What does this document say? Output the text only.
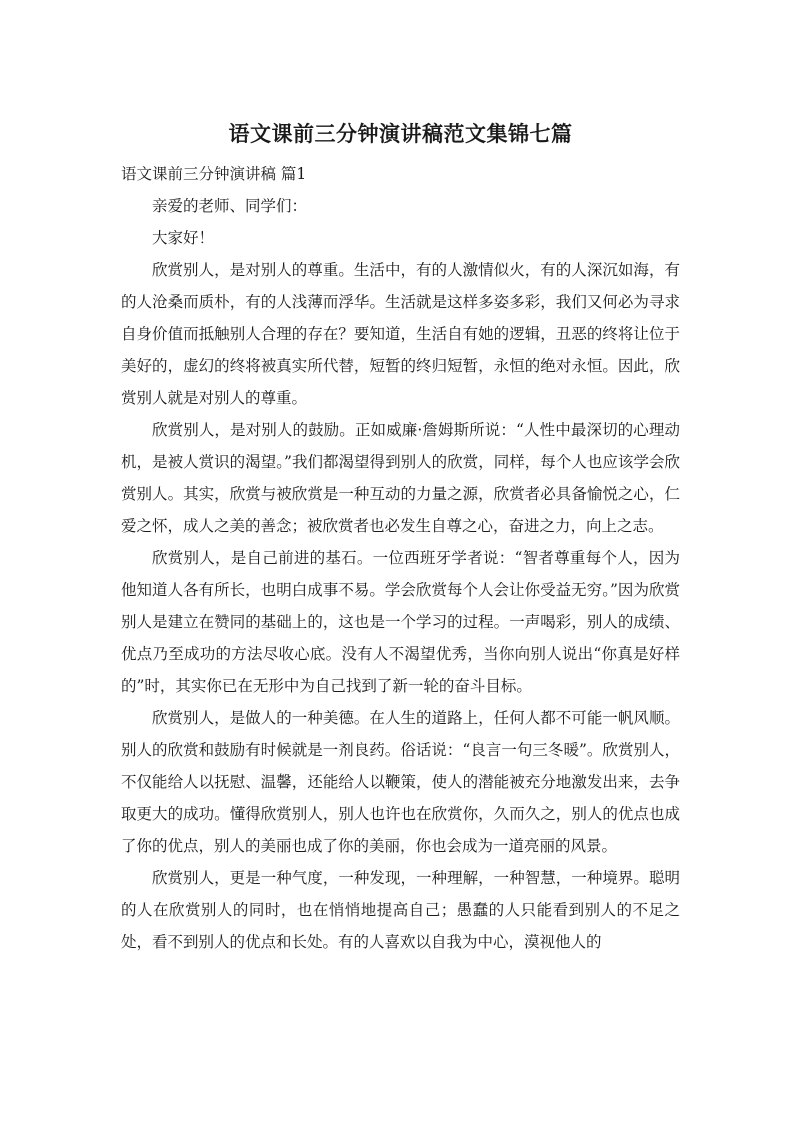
语文课前三分钟演讲稿范文集锦七篇

语文课前三分钟演讲稿 篇1

亲爱的老师、同学们：

大家好！

欣赏别人，是对别人的尊重。生活中，有的人激情似火，有的人深沉如海，有的人沧桑而质朴，有的人浅薄而浮华。生活就是这样多姿多彩，我们又何必为寻求自身价值而抵触别人合理的存在？要知道，生活自有她的逻辑，丑恶的终将让位于美好的，虚幻的终将被真实所代替，短暂的终归短暂，永恒的绝对永恒。因此，欣赏别人就是对别人的尊重。

欣赏别人，是对别人的鼓励。正如威廉·詹姆斯所说：“人性中最深切的心理动机，是被人赏识的渴望。”我们都渴望得到别人的欣赏，同样，每个人也应该学会欣赏别人。其实，欣赏与被欣赏是一种互动的力量之源，欣赏者必具备愉悦之心，仁爱之怀，成人之美的善念；被欣赏者也必发生自尊之心，奋进之力，向上之志。

欣赏别人，是自己前进的基石。一位西班牙学者说：“智者尊重每个人，因为他知道人各有所长，也明白成事不易。学会欣赏每个人会让你受益无穷。”因为欣赏别人是建立在赞同的基础上的，这也是一个学习的过程。一声喝彩，别人的成绩、优点乃至成功的方法尽收心底。没有人不渴望优秀，当你向别人说出“你真是好样的”时，其实你已在无形中为自己找到了新一轮的奋斗目标。

欣赏别人，是做人的一种美德。在人生的道路上，任何人都不可能一帆风顺。别人的欣赏和鼓励有时候就是一剂良药。俗话说：“良言一句三冬暖”。欣赏别人，不仅能给人以抚慰、温馨，还能给人以鞭策，使人的潜能被充分地激发出来，去争取更大的成功。懂得欣赏别人，别人也许也在欣赏你，久而久之，别人的优点也成了你的优点，别人的美丽也成了你的美丽，你也会成为一道亮丽的风景。

欣赏别人，更是一种气度，一种发现，一种理解，一种智慧，一种境界。聪明的人在欣赏别人的同时，也在悄悄地提高自己；愚蠢的人只能看到别人的不足之处，看不到别人的优点和长处。有的人喜欢以自我为中心，漠视他人的
